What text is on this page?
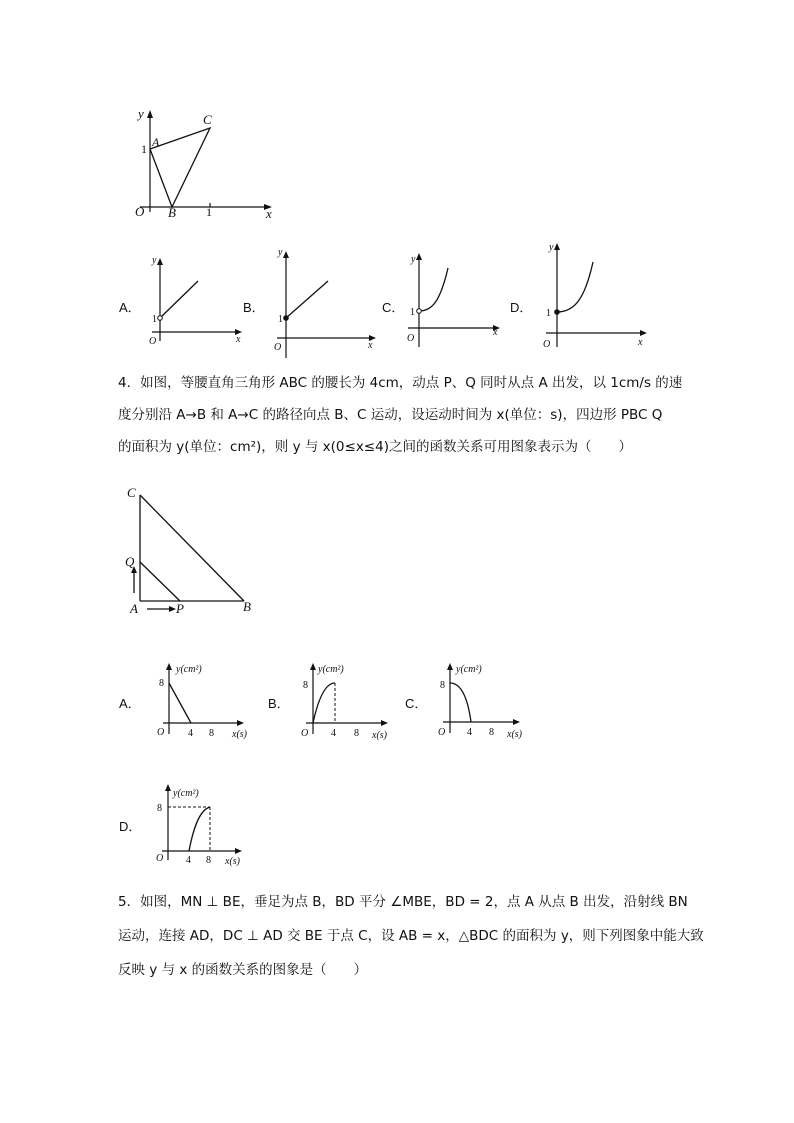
y
A
1
C
O B	1	x
A．
y
1
O	x
B．
y
1
O	x
C．
y
1
O
x
D．
y
1
O	x
4．如图，等腰直角三角形 ABC 的腰长为 4cm，动点 P、Q 同时从点 A 出发，以 1cm/s 的速
度分别沿 A→B 和 A→C 的路径向点 B、C 运动，设运动时间为 x(单位：s)，四边形 PBC Q
的面积为 y(单位：cm²)，则 y 与 x(0≤x≤4)之间的函数关系可用图象表示为（　　）
C
Q
A	P	B
A．
y(cm²)
8
O 4 8 x(s)
B．
y(cm²)
8
O 4 8 x(s)
C．
y(cm²)
8
O 4 8 x(s)
D．
y(cm²)
8
O 4 8 x(s)
5．如图，MN ⊥ BE，垂足为点 B，BD 平分 ∠MBE，BD = 2，点 A 从点 B 出发，沿射线 BN
运动，连接 AD，DC ⊥ AD 交 BE 于点 C，设 AB = x，△BDC 的面积为 y，则下列图象中能大致
反映 y 与 x 的函数关系的图象是（　　）
